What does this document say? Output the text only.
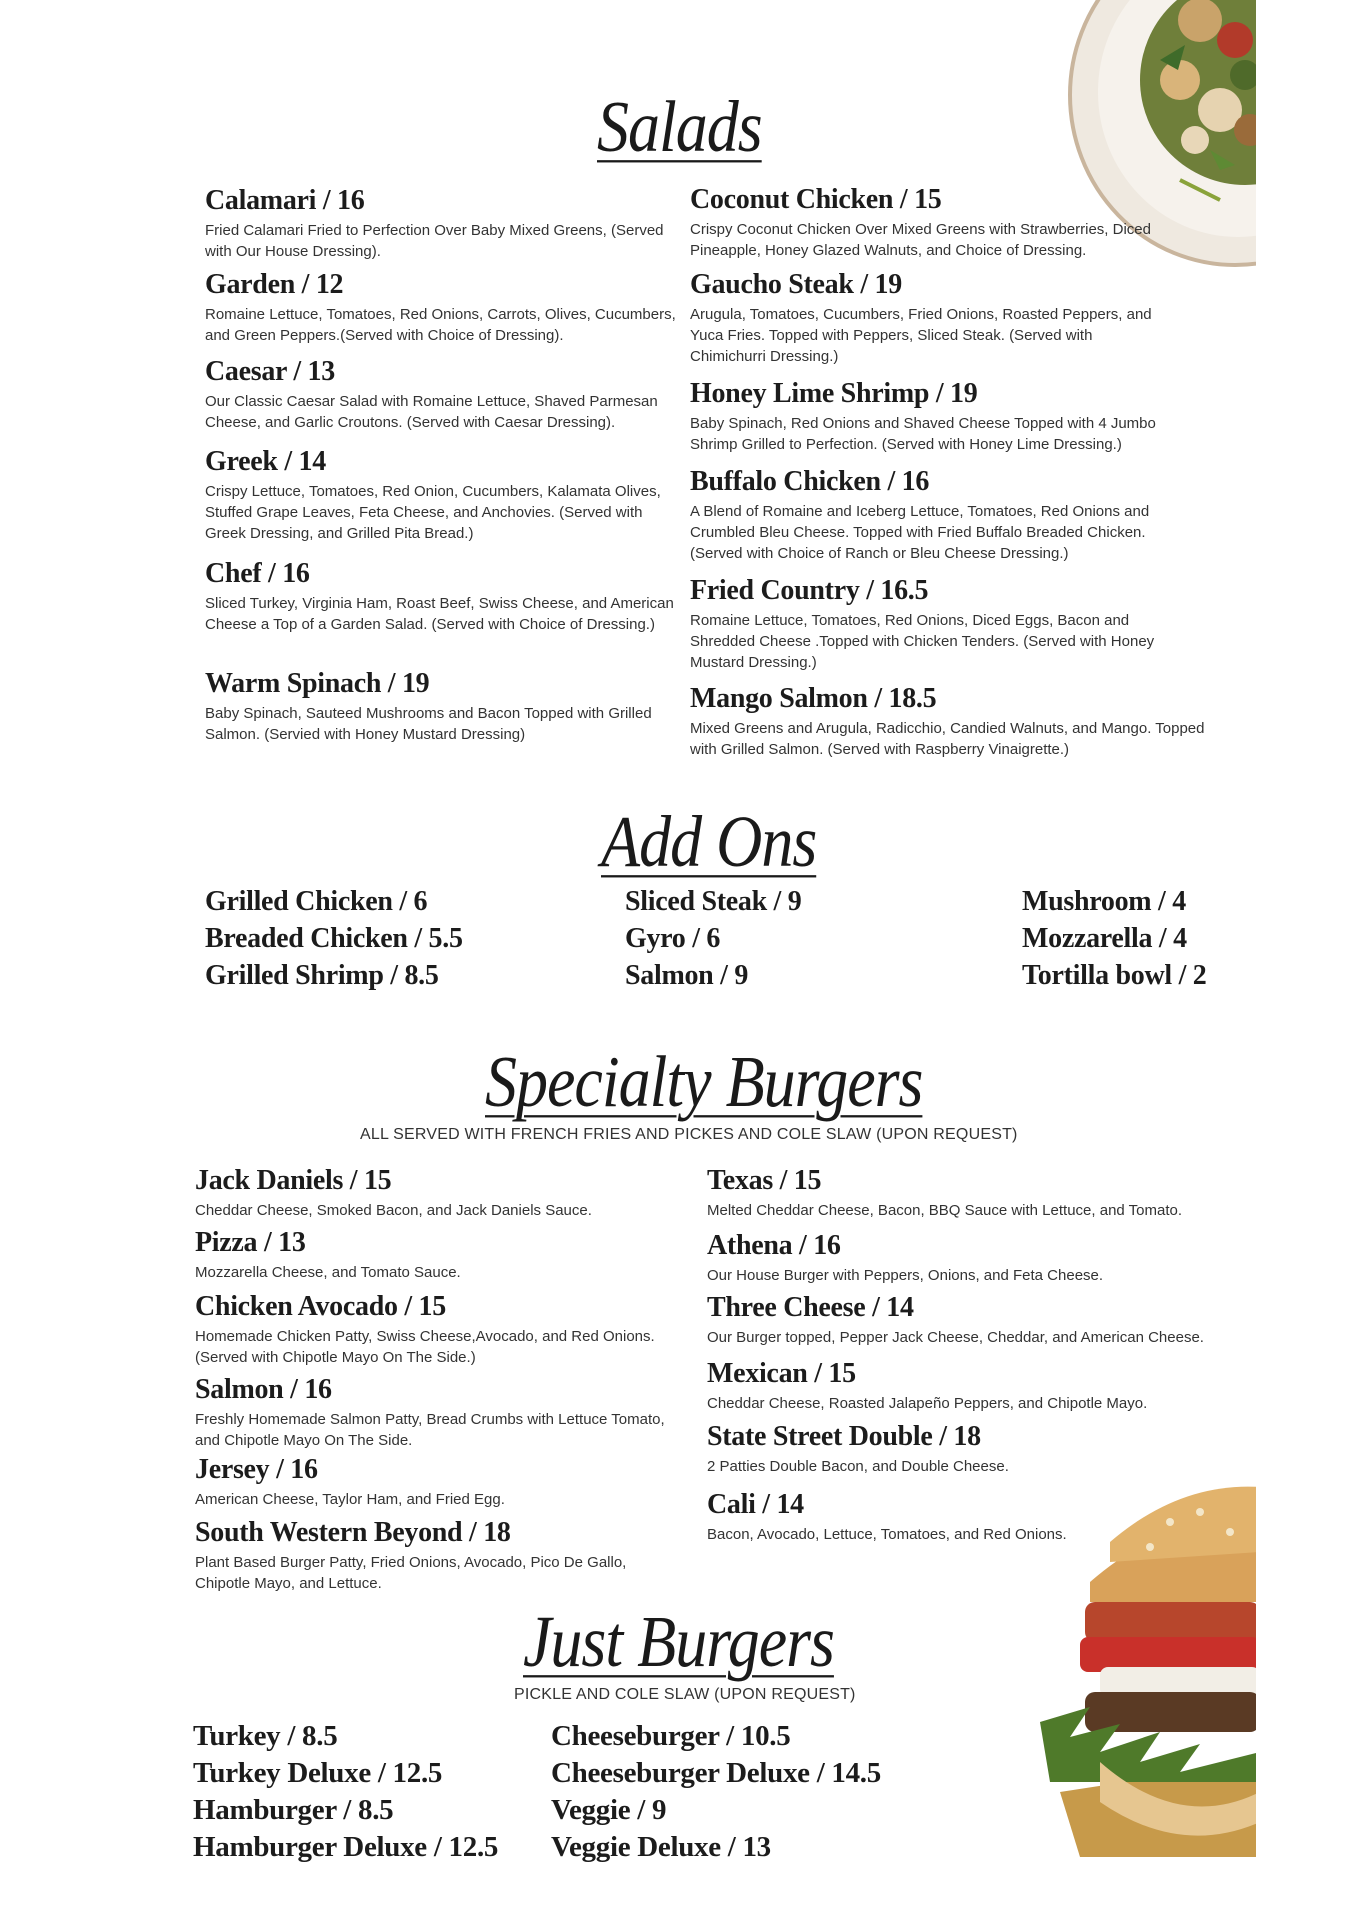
Salads
Calamari / 16
Fried Calamari Fried to Perfection Over Baby Mixed Greens, (Served with Our House Dressing).
Garden / 12
Romaine Lettuce, Tomatoes, Red Onions, Carrots, Olives, Cucumbers, and Green Peppers.(Served with Choice of Dressing).
Caesar / 13
Our Classic Caesar Salad with Romaine Lettuce, Shaved Parmesan Cheese, and Garlic Croutons. (Served with Caesar Dressing).
Greek / 14
Crispy Lettuce, Tomatoes, Red Onion, Cucumbers, Kalamata Olives, Stuffed Grape Leaves, Feta Cheese, and Anchovies. (Served with Greek Dressing, and Grilled Pita Bread.)
Chef / 16
Sliced Turkey, Virginia Ham, Roast Beef, Swiss Cheese, and American Cheese a Top of a Garden Salad. (Served with Choice of Dressing.)
Warm Spinach / 19
Baby Spinach, Sauteed Mushrooms and Bacon Topped with Grilled Salmon. (Servied with Honey Mustard Dressing)
Coconut Chicken / 15
Crispy Coconut Chicken Over Mixed Greens with Strawberries, Diced Pineapple, Honey Glazed Walnuts, and Choice of Dressing.
Gaucho Steak / 19
Arugula, Tomatoes, Cucumbers, Fried Onions, Roasted Peppers, and Yuca Fries. Topped with Peppers, Sliced Steak. (Served with Chimichurri Dressing.)
Honey Lime Shrimp / 19
Baby Spinach, Red Onions and Shaved Cheese Topped with 4 Jumbo Shrimp Grilled to Perfection. (Served with Honey Lime Dressing.)
Buffalo Chicken / 16
A Blend of Romaine and Iceberg Lettuce, Tomatoes, Red Onions and Crumbled Bleu Cheese. Topped with Fried Buffalo Breaded Chicken. (Served with Choice of Ranch or Bleu Cheese Dressing.)
Fried Country / 16.5
Romaine Lettuce, Tomatoes, Red Onions, Diced Eggs, Bacon and Shredded Cheese .Topped with Chicken Tenders. (Served with Honey Mustard Dressing.)
Mango Salmon / 18.5
Mixed Greens and Arugula, Radicchio, Candied Walnuts, and Mango. Topped with Grilled Salmon. (Served with Raspberry Vinaigrette.)
Add Ons
Grilled Chicken / 6
Breaded Chicken / 5.5
Grilled Shrimp / 8.5
Sliced Steak / 9
Gyro / 6
Salmon / 9
Mushroom / 4
Mozzarella / 4
Tortilla bowl / 2
Specialty Burgers
ALL SERVED WITH FRENCH FRIES AND PICKES AND COLE SLAW (UPON REQUEST)
Jack Daniels / 15
Cheddar Cheese, Smoked Bacon, and Jack Daniels Sauce.
Pizza / 13
Mozzarella Cheese, and Tomato Sauce.
Chicken Avocado / 15
Homemade Chicken Patty, Swiss Cheese,Avocado, and Red Onions. (Served with Chipotle Mayo On The Side.)
Salmon / 16
Freshly Homemade Salmon Patty, Bread Crumbs with Lettuce Tomato, and Chipotle Mayo On The Side.
Jersey / 16
American Cheese, Taylor Ham, and Fried Egg.
South Western Beyond / 18
Plant Based Burger Patty, Fried Onions, Avocado, Pico De Gallo, Chipotle Mayo, and Lettuce.
Texas / 15
Melted Cheddar Cheese, Bacon, BBQ Sauce with Lettuce, and Tomato.
Athena / 16
Our House Burger with Peppers, Onions, and Feta Cheese.
Three Cheese / 14
Our Burger topped, Pepper Jack Cheese, Cheddar, and American Cheese.
Mexican / 15
Cheddar Cheese, Roasted Jalapeño Peppers, and Chipotle Mayo.
State Street Double / 18
2 Patties Double Bacon, and Double Cheese.
Cali / 14
Bacon, Avocado, Lettuce, Tomatoes, and Red Onions.
Just Burgers
PICKLE AND COLE SLAW (UPON REQUEST)
Turkey / 8.5
Turkey Deluxe / 12.5
Hamburger / 8.5
Hamburger Deluxe / 12.5
Cheeseburger / 10.5
Cheeseburger Deluxe / 14.5
Veggie / 9
Veggie Deluxe / 13
